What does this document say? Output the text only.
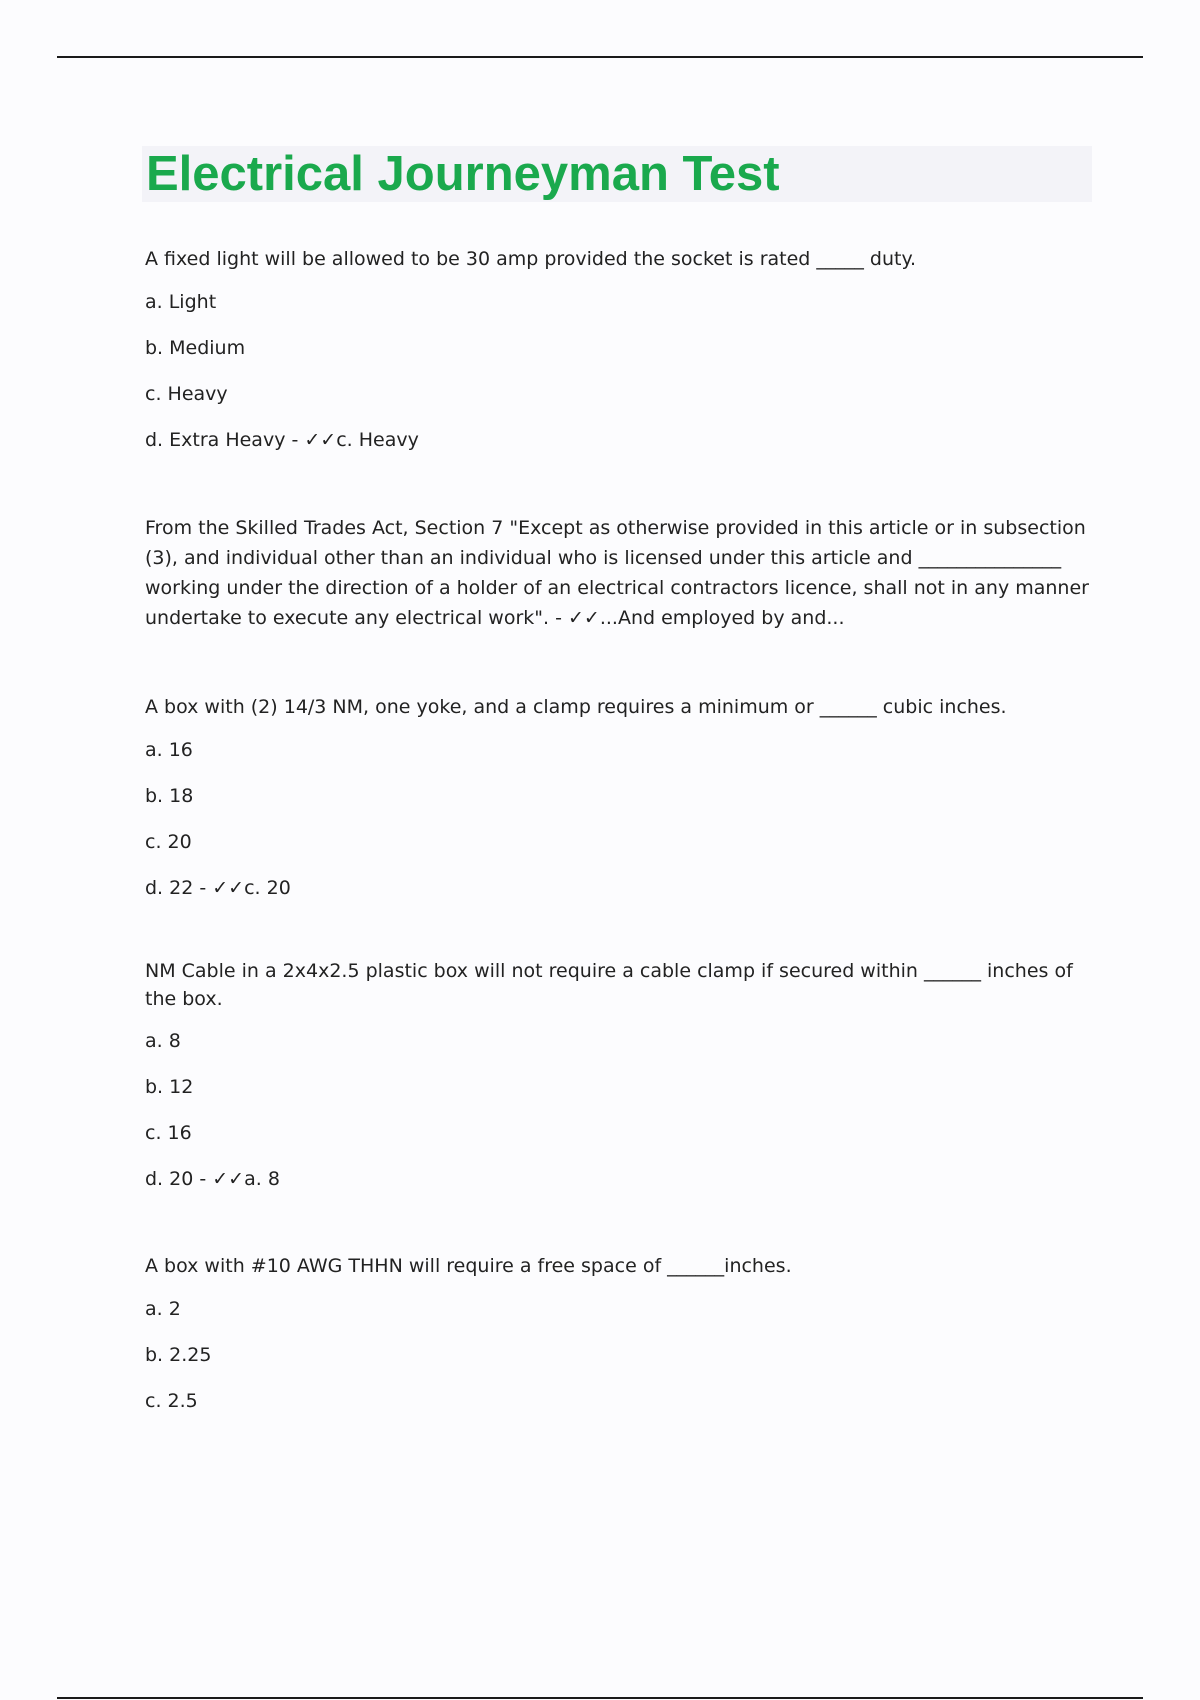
Electrical Journeyman Test

A fixed light will be allowed to be 30 amp provided the socket is rated _____ duty.

a. Light

b. Medium

c. Heavy

d. Extra Heavy - ✓✓c. Heavy

From the Skilled Trades Act, Section 7 "Except as otherwise provided in this article or in subsection (3), and individual other than an individual who is licensed under this article and _______________ working under the direction of a holder of an electrical contractors licence, shall not in any manner undertake to execute any electrical work". - ✓✓...And employed by and...

A box with (2) 14/3 NM, one yoke, and a clamp requires a minimum or ______ cubic inches.

a. 16

b. 18

c. 20

d. 22 - ✓✓c. 20

NM Cable in a 2x4x2.5 plastic box will not require a cable clamp if secured within ______ inches of the box.

a. 8

b. 12

c. 16

d. 20 - ✓✓a. 8

A box with #10 AWG THHN will require a free space of ______inches.

a. 2

b. 2.25

c. 2.5
